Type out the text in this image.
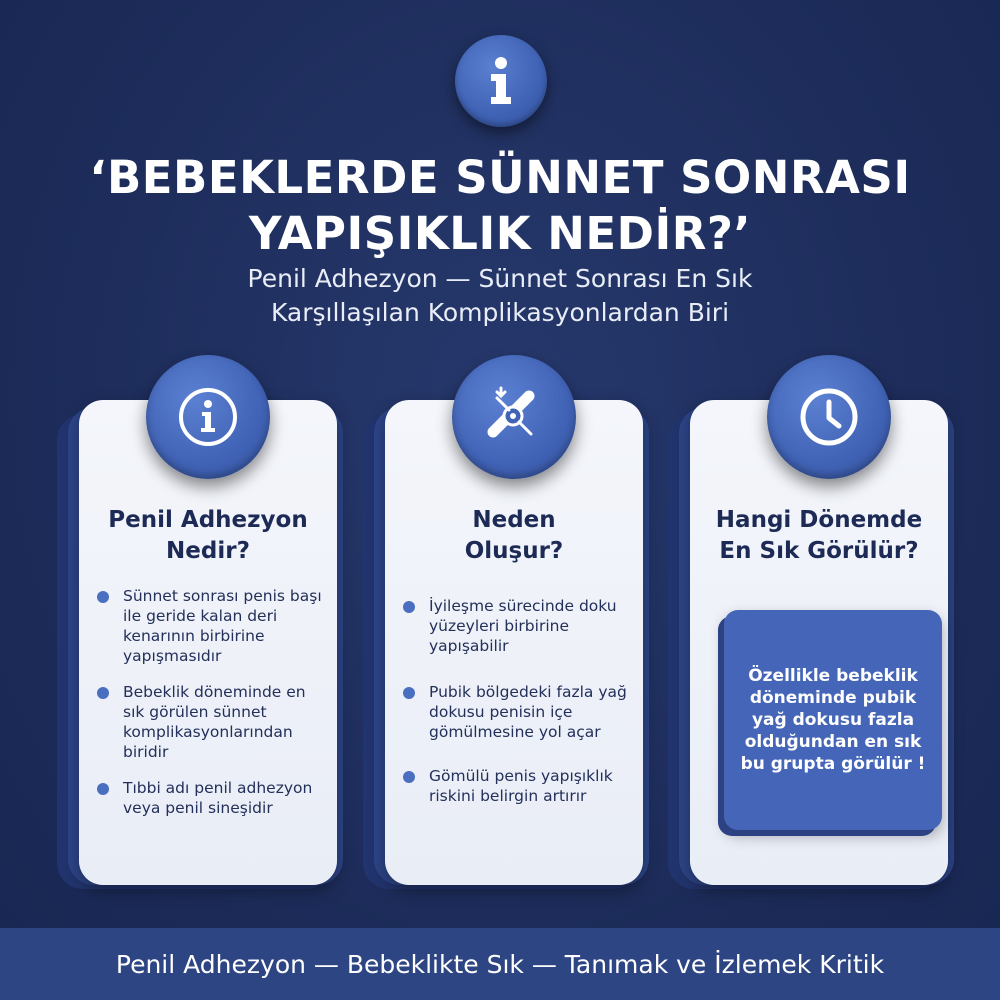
‘BEBEKLERDE SÜNNET SONRASI
YAPIŞIKLIK NEDİR?’
Penil Adhezyon — Sünnet Sonrası En Sık
Karşıllaşılan Komplikasyonlardan Biri
Penil Adhezyon
Nedir?
Sünnet sonrası penis başı ile geride kalan deri kenarının birbirine yapışmasıdır
Bebeklik döneminde en sık görülen sünnet komplikasyonlarından biridir
Tıbbi adı penil adhezyon veya penil sineşidir
Neden
Oluşur?
İyileşme sürecinde doku yüzeyleri birbirine yapışabilir
Pubik bölgedeki fazla yağ dokusu penisin içe gömülmesine yol açar
Gömülü penis yapışıklık riskini belirgin artırır
Hangi Dönemde
En Sık Görülür?
Özellikle bebeklik döneminde pubik yağ dokusu fazla olduğundan en sık bu grupta görülür !
Penil Adhezyon — Bebeklikte Sık — Tanımak ve İzlemek Kritik
